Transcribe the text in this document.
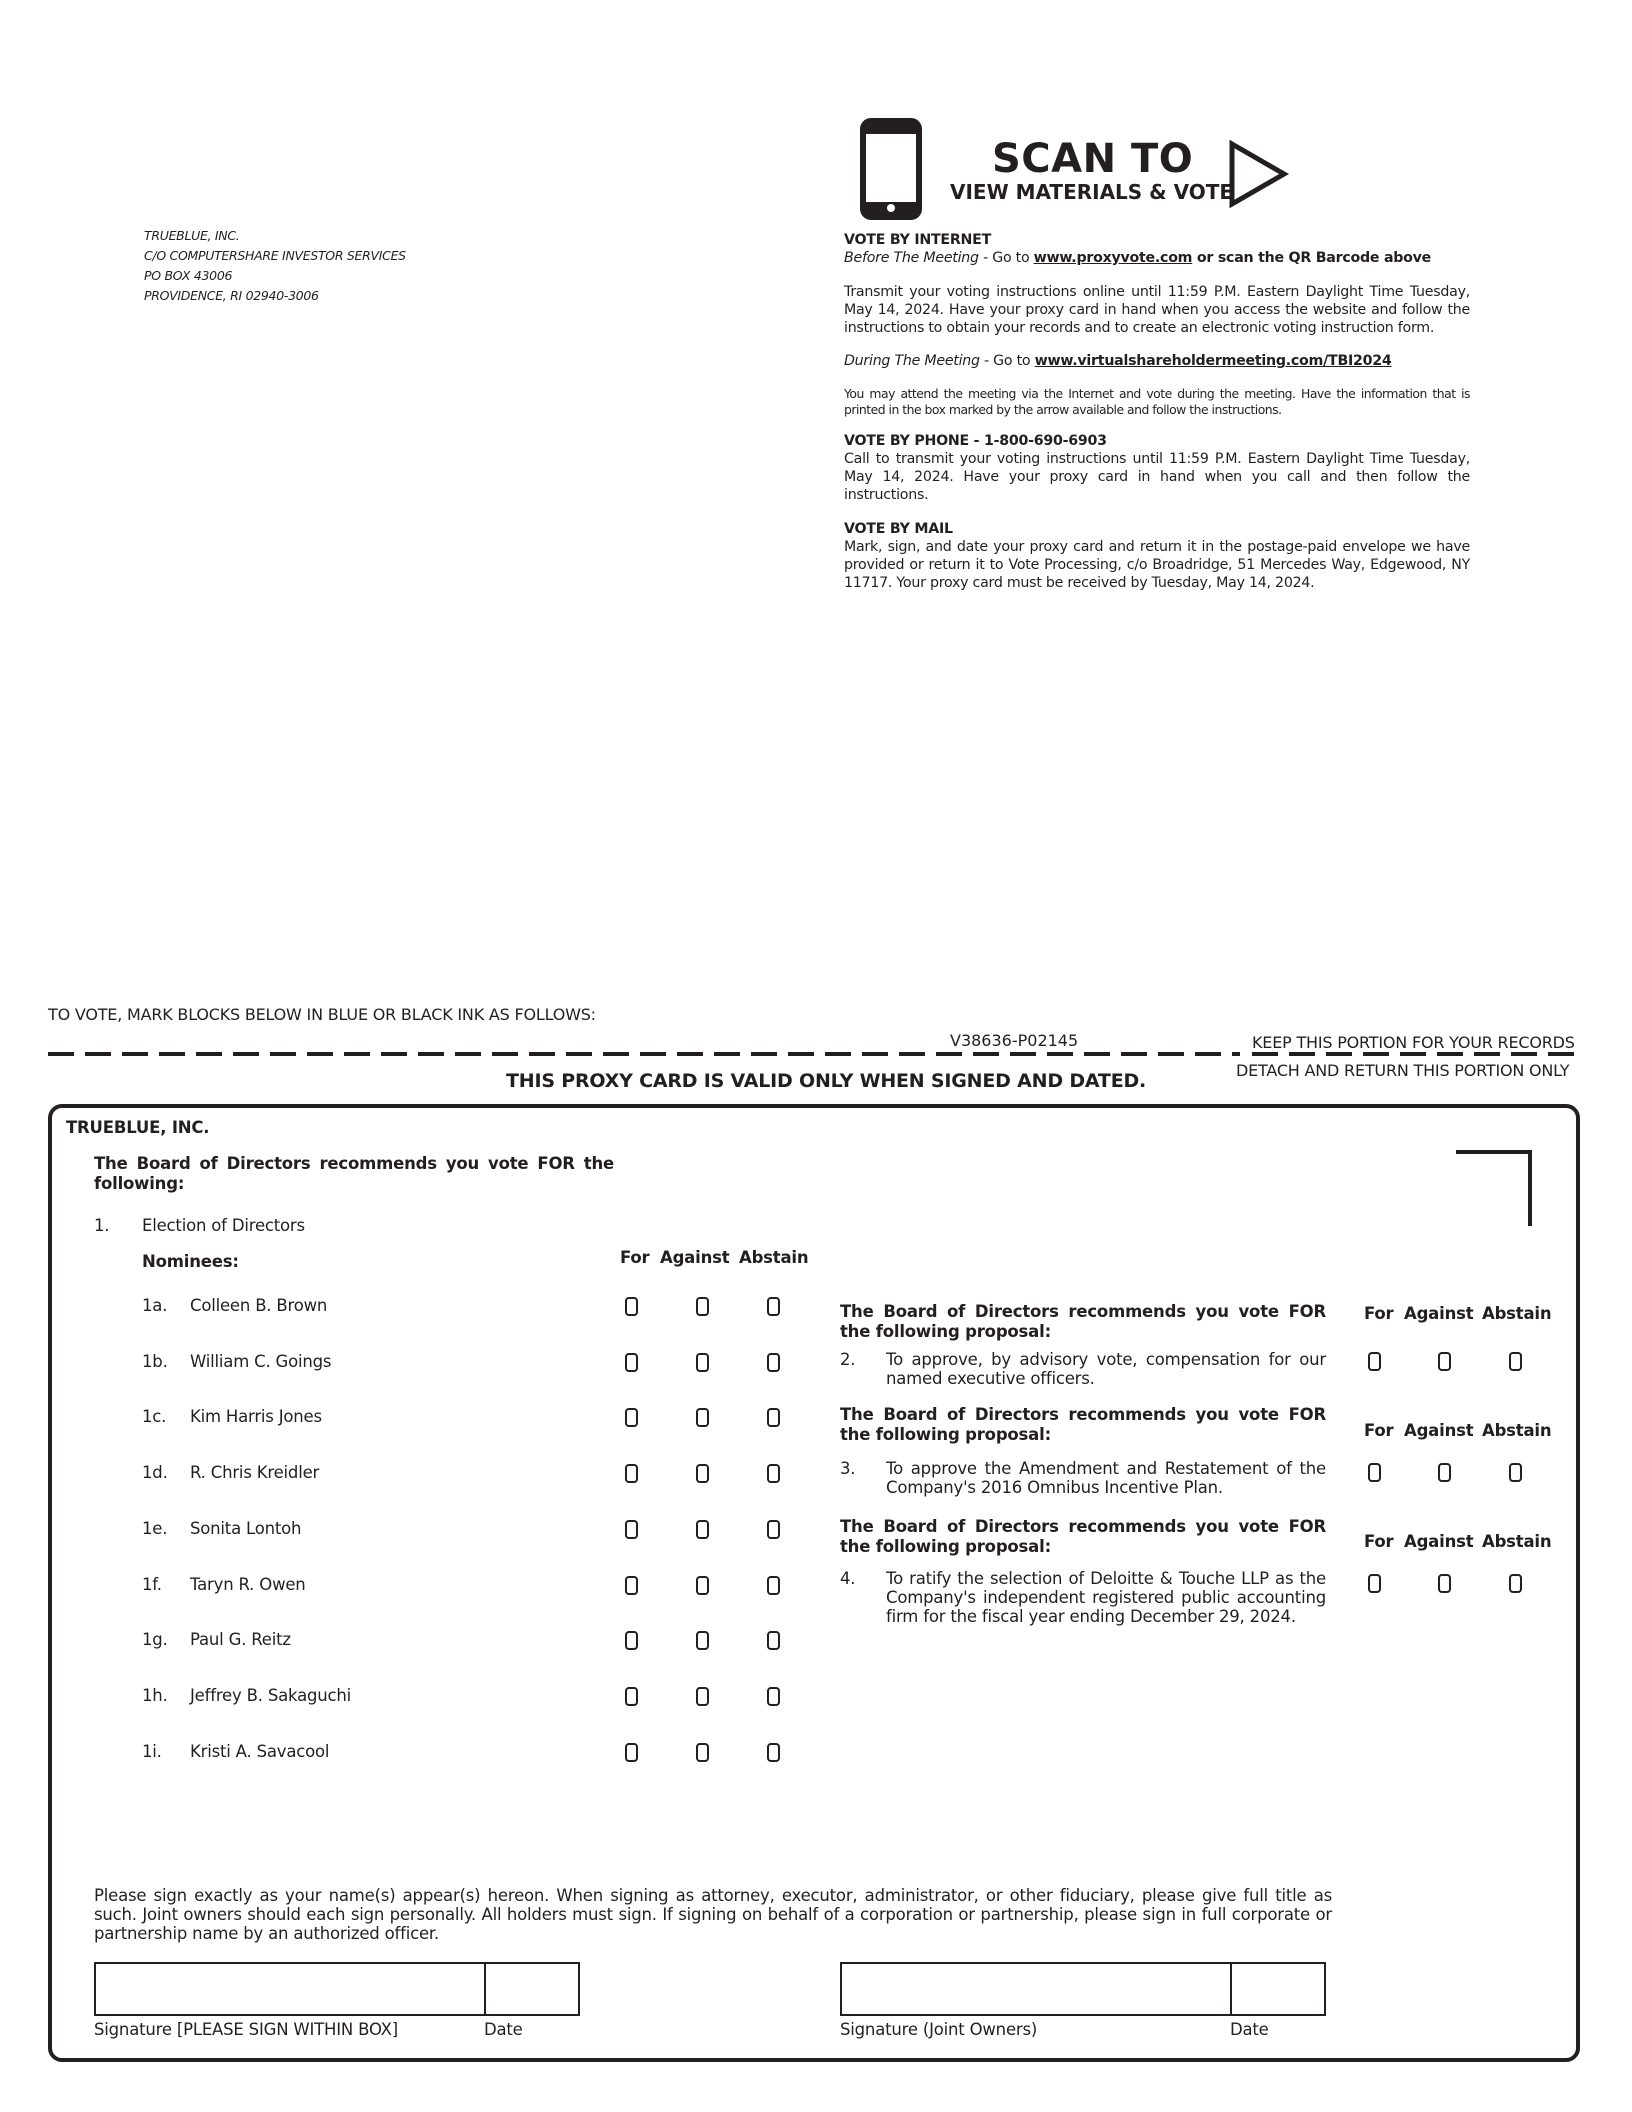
TRUEBLUE, INC.
C/O COMPUTERSHARE INVESTOR SERVICES
PO BOX 43006
PROVIDENCE, RI 02940-3006
SCAN TO
VIEW MATERIALS & VOTE
VOTE BY INTERNET
Before The Meeting - Go to www.proxyvote.com or scan the QR Barcode above

Transmit your voting instructions online until 11:59 P.M. Eastern Daylight Time Tuesday, May 14, 2024. Have your proxy card in hand when you access the website and follow the instructions to obtain your records and to create an electronic voting instruction form.

During The Meeting - Go to www.virtualshareholdermeeting.com/TBI2024

You may attend the meeting via the Internet and vote during the meeting. Have the information that is printed in the box marked by the arrow available and follow the instructions.

VOTE BY PHONE - 1-800-690-6903

Call to transmit your voting instructions until 11:59 P.M. Eastern Daylight Time Tuesday, May 14, 2024. Have your proxy card in hand when you call and then follow the instructions.

VOTE BY MAIL

Mark, sign, and date your proxy card and return it in the postage-paid envelope we have provided or return it to Vote Processing, c/o Broadridge, 51 Mercedes Way, Edgewood, NY 11717. Your proxy card must be received by Tuesday, May 14, 2024.

TO VOTE, MARK BLOCKS BELOW IN BLUE OR BLACK INK AS FOLLOWS:
V38636-P02145	KEEP THIS PORTION FOR YOUR RECORDS
DETACH AND RETURN THIS PORTION ONLY
THIS PROXY CARD IS VALID ONLY WHEN SIGNED AND DATED.
TRUEBLUE, INC.
The Board of Directors recommends you vote FOR the following:
1. Election of Directors
Nominees:	For Against Abstain
1a. Colleen B. Brown
1b. William C. Goings
1c. Kim Harris Jones
1d. R. Chris Kreidler
1e. Sonita Lontoh
1f. Taryn R. Owen
1g. Paul G. Reitz
1h. Jeffrey B. Sakaguchi
1i. Kristi A. Savacool
The Board of Directors recommends you vote FOR the following proposal:
For Against Abstain
2. To approve, by advisory vote, compensation for our named executive officers.
The Board of Directors recommends you vote FOR the following proposal:	For Against Abstain
3. To approve the Amendment and Restatement of the Company's 2016 Omnibus Incentive Plan.
The Board of Directors recommends you vote FOR the following proposal:	For Against Abstain
4. To ratify the selection of Deloitte & Touche LLP as the Company's independent registered public accounting firm for the fiscal year ending December 29, 2024.
Please sign exactly as your name(s) appear(s) hereon. When signing as attorney, executor, administrator, or other fiduciary, please give full title as such. Joint owners should each sign personally. All holders must sign. If signing on behalf of a corporation or partnership, please sign in full corporate or partnership name by an authorized officer.
Signature [PLEASE SIGN WITHIN BOX]	Date	Signature (Joint Owners)	Date
